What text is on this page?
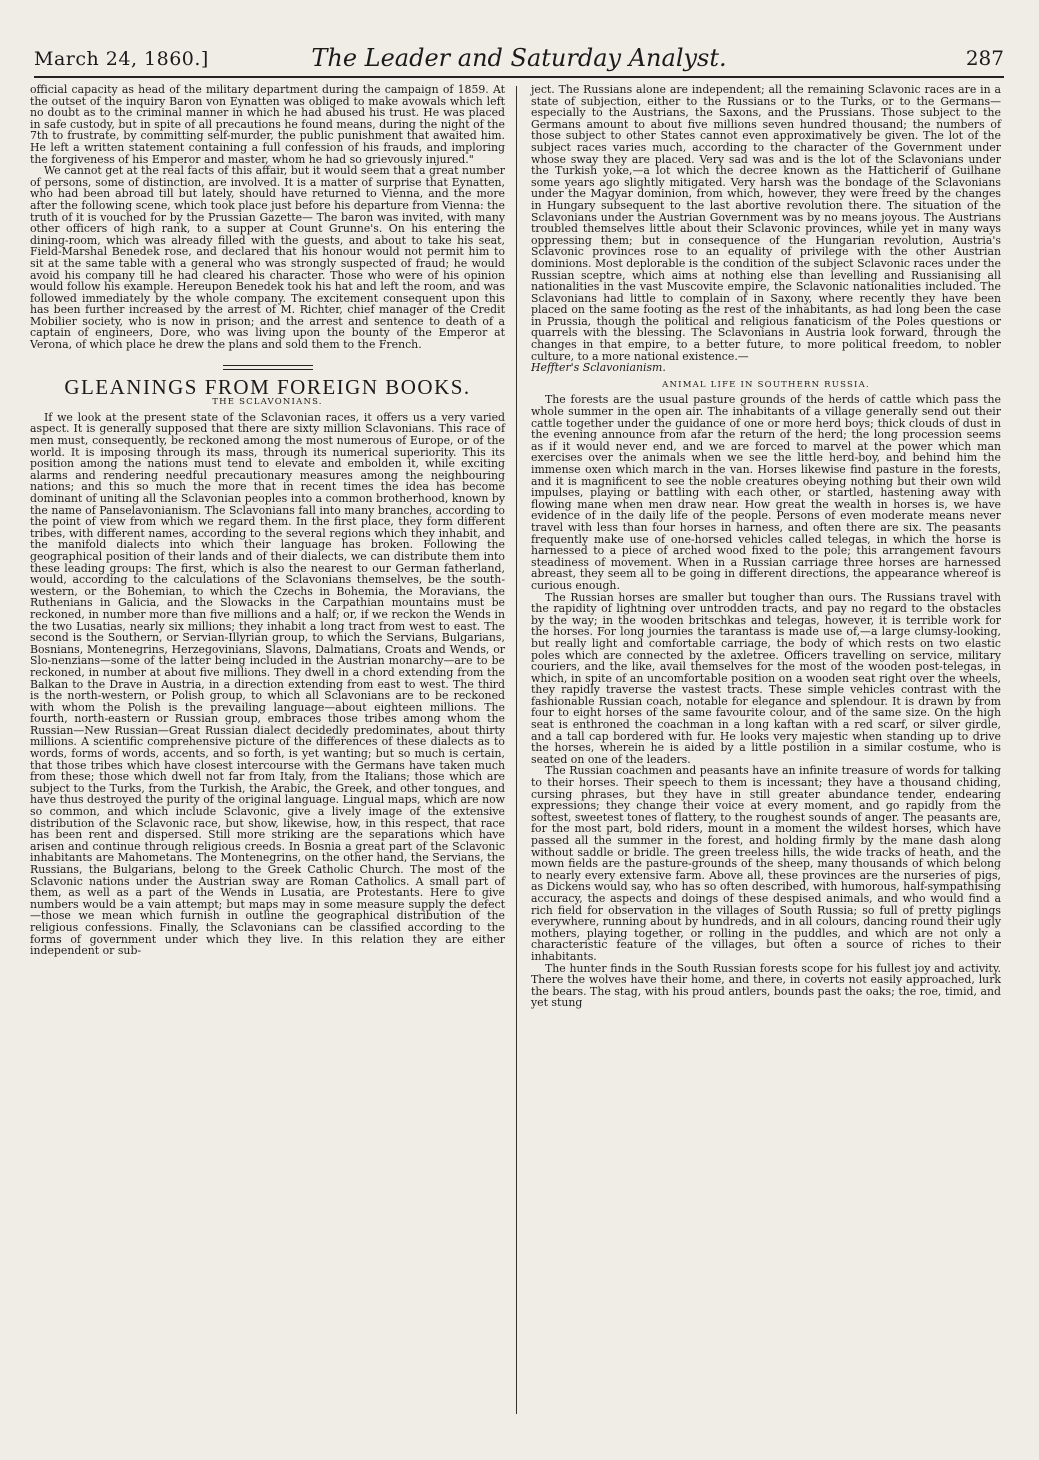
March 24, 1860.]	The Leader and Saturday Analyst.	287

official capacity as head of the military department during the campaign of 1859. At the outset of the inquiry Baron von Eynatten was obliged to make avowals which left no doubt as to the criminal manner in which he had abused his trust. He was placed in safe custody, but in spite of all precautions he found means, during the night of the 7th to frustrate, by committing self-murder, the public punishment that awaited him. He left a written statement containing a full confession of his frauds, and imploring the forgiveness of his Emperor and master, whom he had so grievously injured."

We cannot get at the real facts of this affair, but it would seem that a great number of persons, some of distinction, are involved. It is a matter of surprise that Eynatten, who had been abroad till but lately, should have returned to Vienna, and the more after the following scene, which took place just before his departure from Vienna: the truth of it is vouched for by the Prussian Gazette— The baron was invited, with many other officers of high rank, to a supper at Count Grunne's. On his entering the dining-room, which was already filled with the guests, and about to take his seat, Field-Marshal Benedek rose, and declared that his honour would not permit him to sit at the same table with a general who was strongly suspected of fraud; he would avoid his company till he had cleared his character. Those who were of his opinion would follow his example. Hereupon Benedek took his hat and left the room, and was followed immediately by the whole company. The excitement consequent upon this has been further increased by the arrest of M. Richter, chief manager of the Credit Mobilier society, who is now in prison; and the arrest and sentence to death of a captain of engineers, Dore, who was living upon the bounty of the Emperor at Verona, of which place he drew the plans and sold them to the French.

GLEANINGS FROM FOREIGN BOOKS.
THE SCLAVONIANS.

If we look at the present state of the Sclavonian races, it offers us a very varied aspect. It is generally supposed that there are sixty million Sclavonians. This race of men must, consequently, be reckoned among the most numerous of Europe, or of the world. It is imposing through its mass, through its numerical superiority. This its position among the nations must tend to elevate and embolden it, while exciting alarms and rendering needful precautionary measures among the neighbouring nations; and this so much the more that in recent times the idea has become dominant of uniting all the Sclavonian peoples into a common brotherhood, known by the name of Panselavonianism. The Sclavonians fall into many branches, according to the point of view from which we regard them. In the first place, they form different tribes, with different names, according to the several regions which they inhabit, and the manifold dialects into which their language has broken. Following the geographical position of their lands and of their dialects, we can distribute them into these leading groups: The first, which is also the nearest to our German fatherland, would, according to the calculations of the Sclavonians themselves, be the south-western, or the Bohemian, to which the Czechs in Bohemia, the Moravians, the Ruthenians in Galicia, and the Slowacks in the Carpathian mountains must be reckoned, in number more than five millions and a half; or, if we reckon the Wends in the two Lusatias, nearly six millions; they inhabit a long tract from west to east. The second is the Southern, or Servian-Illyrian group, to which the Servians, Bulgarians, Bosnians, Montenegrins, Herzegovinians, Slavons, Dalmatians, Croats and Wends, or Slo-nenzians—some of the latter being included in the Austrian monarchy—are to be reckoned, in number at about five millions. They dwell in a chord extending from the Balkan to the Drave in Austria, in a direction extending from east to west. The third is the north-western, or Polish group, to which all Sclavonians are to be reckoned with whom the Polish is the prevailing language—about eighteen millions. The fourth, north-eastern or Russian group, embraces those tribes among whom the Russian—New Russian—Great Russian dialect decidedly predominates, about thirty millions. A scientific comprehensive picture of the differences of these dialects as to words, forms of words, accents, and so forth, is yet wanting; but so much is certain, that those tribes which have closest intercourse with the Germans have taken much from these; those which dwell not far from Italy, from the Italians; those which are subject to the Turks, from the Turkish, the Arabic, the Greek, and other tongues, and have thus destroyed the purity of the original language. Lingual maps, which are now so common, and which include Sclavonic, give a lively image of the extensive distribution of the Sclavonic race, but show, likewise, how, in this respect, that race has been rent and dispersed. Still more striking are the separations which have arisen and continue through religious creeds. In Bosnia a great part of the Sclavonic inhabitants are Mahometans. The Montenegrins, on the other hand, the Servians, the Russians, the Bulgarians, belong to the Greek Catholic Church. The most of the Sclavonic nations under the Austrian sway are Roman Catholics. A small part of them, as well as a part of the Wends in Lusatia, are Protestants. Here to give numbers would be a vain attempt; but maps may in some measure supply the defect—those we mean which furnish in outline the geographical distribution of the religious confessions. Finally, the Sclavonians can be classified according to the forms of government under which they live. In this relation they are either independent or sub-

ject. The Russians alone are independent; all the remaining Sclavonic races are in a state of subjection, either to the Russians or to the Turks, or to the Germans—especially to the Austrians, the Saxons, and the Prussians. Those subject to the Germans amount to about five millions seven hundred thousand; the numbers of those subject to other States cannot even approximatively be given. The lot of the subject races varies much, according to the character of the Government under whose sway they are placed. Very sad was and is the lot of the Sclavonians under the Turkish yoke,—a lot which the decree known as the Hatticherif of Guilhane some years ago slightly mitigated. Very harsh was the bondage of the Sclavonians under the Magyar dominion, from which, however, they were freed by the changes in Hungary subsequent to the last abortive revolution there. The situation of the Sclavonians under the Austrian Government was by no means joyous. The Austrians troubled themselves little about their Sclavonic provinces, while yet in many ways oppressing them; but in consequence of the Hungarian revolution, Austria's Sclavonic provinces rose to an equality of privilege with the other Austrian dominions. Most deplorable is the condition of the subject Sclavonic races under the Russian sceptre, which aims at nothing else than levelling and Russianising all nationalities in the vast Muscovite empire, the Sclavonic nationalities included. The Sclavonians had little to complain of in Saxony, where recently they have been placed on the same footing as the rest of the inhabitants, as had long been the case in Prussia, though the political and religious fanaticism of the Poles questions or quarrels with the blessing. The Sclavonians in Austria look forward, through the changes in that empire, to a better future, to more political freedom, to nobler culture, to a more national existence.—

Heffter's Sclavonianism.

ANIMAL LIFE IN SOUTHERN RUSSIA.

The forests are the usual pasture grounds of the herds of cattle which pass the whole summer in the open air. The inhabitants of a village generally send out their cattle together under the guidance of one or more herd boys; thick clouds of dust in the evening announce from afar the return of the herd; the long procession seems as if it would never end, and we are forced to marvel at the power which man exercises over the animals when we see the little herd-boy, and behind him the immense oxen which march in the van. Horses likewise find pasture in the forests, and it is magnificent to see the noble creatures obeying nothing but their own wild impulses, playing or battling with each other, or startled, hastening away with flowing mane when men draw near. How great the wealth in horses is, we have evidence of in the daily life of the people. Persons of even moderate means never travel with less than four horses in harness, and often there are six. The peasants frequently make use of one-horsed vehicles called telegas, in which the horse is harnessed to a piece of arched wood fixed to the pole; this arrangement favours steadiness of movement. When in a Russian carriage three horses are harnessed abreast, they seem all to be going in different directions, the appearance whereof is curious enough.

The Russian horses are smaller but tougher than ours. The Russians travel with the rapidity of lightning over untrodden tracts, and pay no regard to the obstacles by the way; in the wooden britschkas and telegas, however, it is terrible work for the horses. For long journies the tarantass is made use of,—a large clumsy-looking, but really light and comfortable carriage, the body of which rests on two elastic poles which are connected by the axletree. Officers travelling on service, military couriers, and the like, avail themselves for the most of the wooden post-telegas, in which, in spite of an uncomfortable position on a wooden seat right over the wheels, they rapidly traverse the vastest tracts. These simple vehicles contrast with the fashionable Russian coach, notable for elegance and splendour. It is drawn by from four to eight horses of the same favourite colour, and of the same size. On the high seat is enthroned the coachman in a long kaftan with a red scarf, or silver girdle, and a tall cap bordered with fur. He looks very majestic when standing up to drive the horses, wherein he is aided by a little postilion in a similar costume, who is seated on one of the leaders.

The Russian coachmen and peasants have an infinite treasure of words for talking to their horses. Their speech to them is incessant; they have a thousand chiding, cursing phrases, but they have in still greater abundance tender, endearing expressions; they change their voice at every moment, and go rapidly from the softest, sweetest tones of flattery, to the roughest sounds of anger. The peasants are, for the most part, bold riders, mount in a moment the wildest horses, which have passed all the summer in the forest, and holding firmly by the mane dash along without saddle or bridle. The green treeless hills, the wide tracks of heath, and the mown fields are the pasture-grounds of the sheep, many thousands of which belong to nearly every extensive farm. Above all, these provinces are the nurseries of pigs, as Dickens would say, who has so often described, with humorous, half-sympathising accuracy, the aspects and doings of these despised animals, and who would find a rich field for observation in the villages of South Russia; so full of pretty piglings everywhere, running about by hundreds, and in all colours, dancing round their ugly mothers, playing together, or rolling in the puddles, and which are not only a characteristic feature of the villages, but often a source of riches to their inhabitants.

The hunter finds in the South Russian forests scope for his fullest joy and activity. There the wolves have their home, and there, in coverts not easily approached, lurk the bears. The stag, with his proud antlers, bounds past the oaks; the roe, timid, and yet stung
